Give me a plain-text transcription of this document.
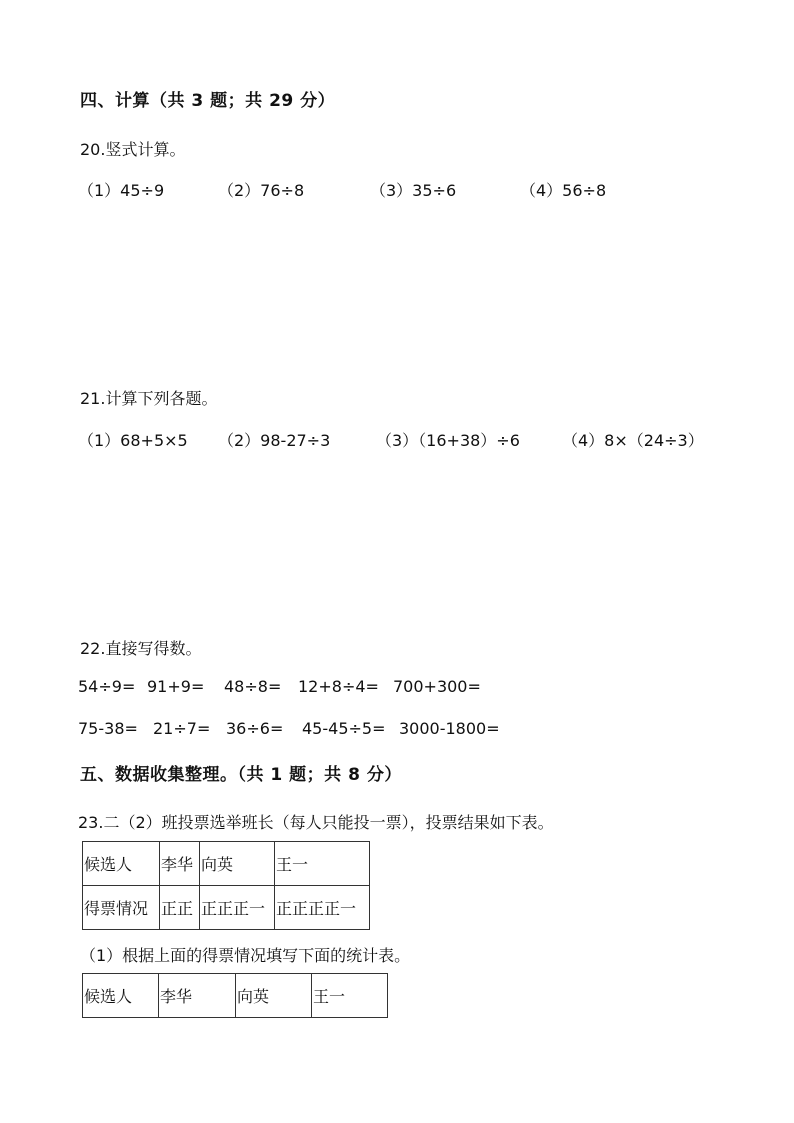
四、计算（共 3 题；共 29 分）
20.竖式计算。
（1）45÷9	（2）76÷8	（3）35÷6	（4）56÷8
21.计算下列各题。
（1）68+5×5 （2）98-27÷3	（3）（16+38）÷6	（4）8×（24÷3）
22.直接写得数。
54÷9= 91+9= 48÷8= 12+8÷4= 700+300=
75-38= 21÷7= 36÷6= 45-45÷5= 3000-1800=
五、数据收集整理。（共 1 题；共 8 分）
23.二（2）班投票选举班长（每人只能投一票），投票结果如下表。
候选人	李华	向英	王一
得票情况	正正	正正正一	正正正正一
（1）根据上面的得票情况填写下面的统计表。
候选人	李华	向英	王一
